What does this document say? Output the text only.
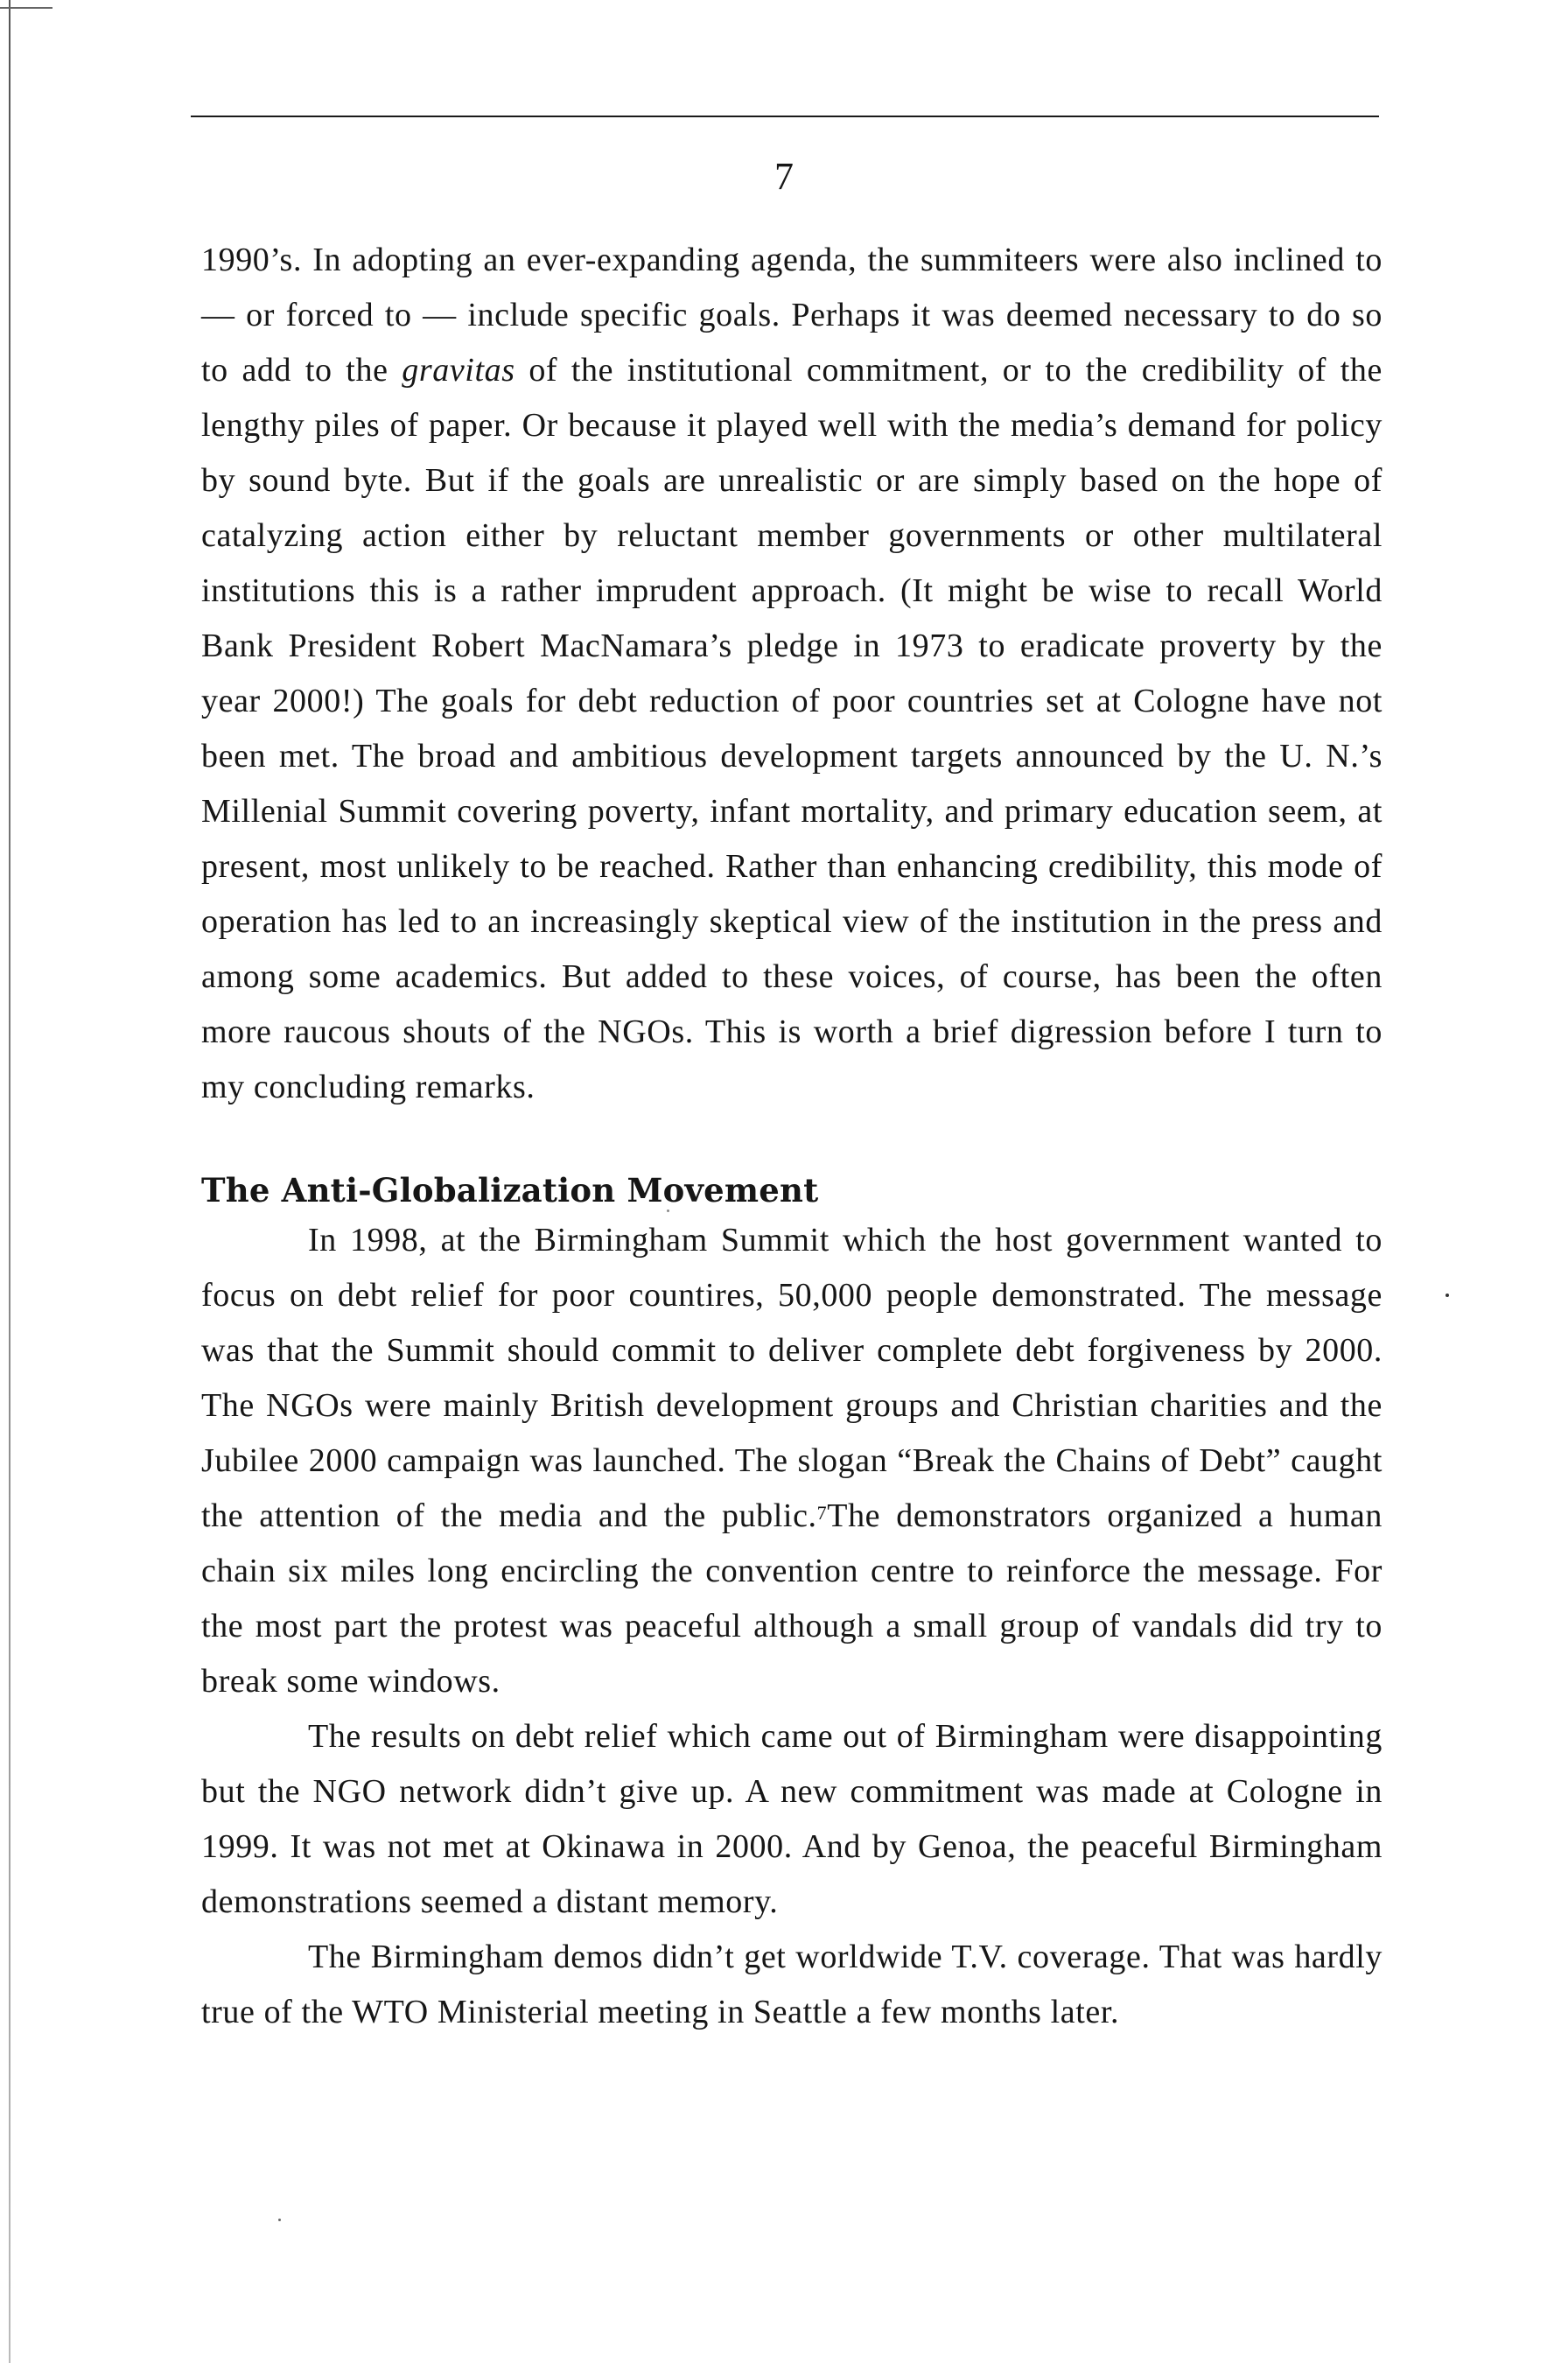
7

1990’s. In adopting an ever-expanding agenda, the summiteers were also inclined to — or forced to — include specific goals. Perhaps it was deemed necessary to do so to add to the gravitas of the institutional commitment, or to the credibility of the lengthy piles of paper. Or because it played well with the media’s demand for policy by sound byte. But if the goals are unrealistic or are simply based on the hope of catalyzing action either by reluctant member governments or other multilateral institutions this is a rather imprudent approach. (It might be wise to recall World Bank President Robert MacNamara’s pledge in 1973 to eradicate proverty by the year 2000!) The goals for debt reduction of poor countries set at Cologne have not been met. The broad and ambitious development targets announced by the U. N.’s Millenial Summit covering poverty, infant mortality, and primary education seem, at present, most unlikely to be reached. Rather than enhancing credibility, this mode of operation has led to an increasingly skeptical view of the institution in the press and among some academics. But added to these voices, of course, has been the often more raucous shouts of the NGOs. This is worth a brief digression before I turn to my concluding remarks.

The Anti-Globalization Movement

In 1998, at the Birmingham Summit which the host government wanted to focus on debt relief for poor countires, 50,000 people demonstrated. The message was that the Summit should commit to deliver complete debt forgiveness by 2000. The NGOs were mainly British development groups and Christian charities and the Jubilee 2000 campaign was launched. The slogan “Break the Chains of Debt” caught the attention of the media and the public.$^7$The demonstrators organized a human chain six miles long encircling the convention centre to reinforce the message. For the most part the protest was peaceful although a small group of vandals did try to break some windows.

The results on debt relief which came out of Birmingham were disappointing but the NGO network didn’t give up. A new commitment was made at Cologne in 1999. It was not met at Okinawa in 2000. And by Genoa, the peaceful Birmingham demonstrations seemed a distant memory.

The Birmingham demos didn’t get worldwide T.V. coverage. That was hardly true of the WTO Ministerial meeting in Seattle a few months later.
